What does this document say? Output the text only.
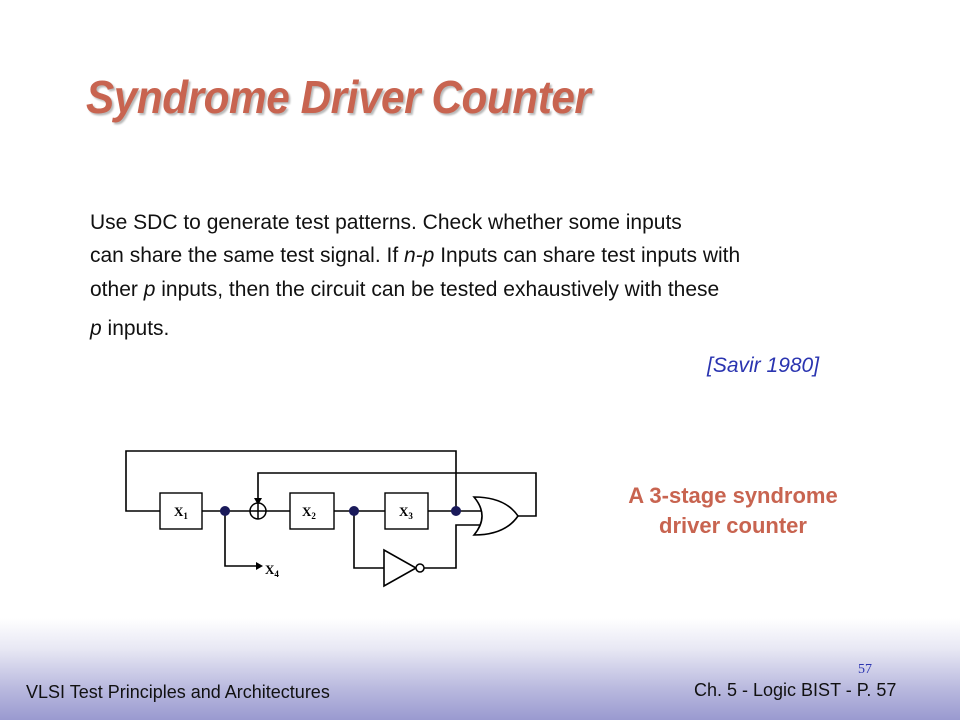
Syndrome Driver Counter
Use SDC to generate test patterns. Check whether some inputs
can share the same test signal. If n-p Inputs can share test inputs with
other p inputs, then the circuit can be tested exhaustively with these
p inputs.
[Savir 1980]
$X_1$	$X_2$	$X_3$
$X_4$
A 3-stage syndrome
driver counter
57
VLSI Test Principles and Architectures	Ch. 5 - Logic BIST - P. 57
